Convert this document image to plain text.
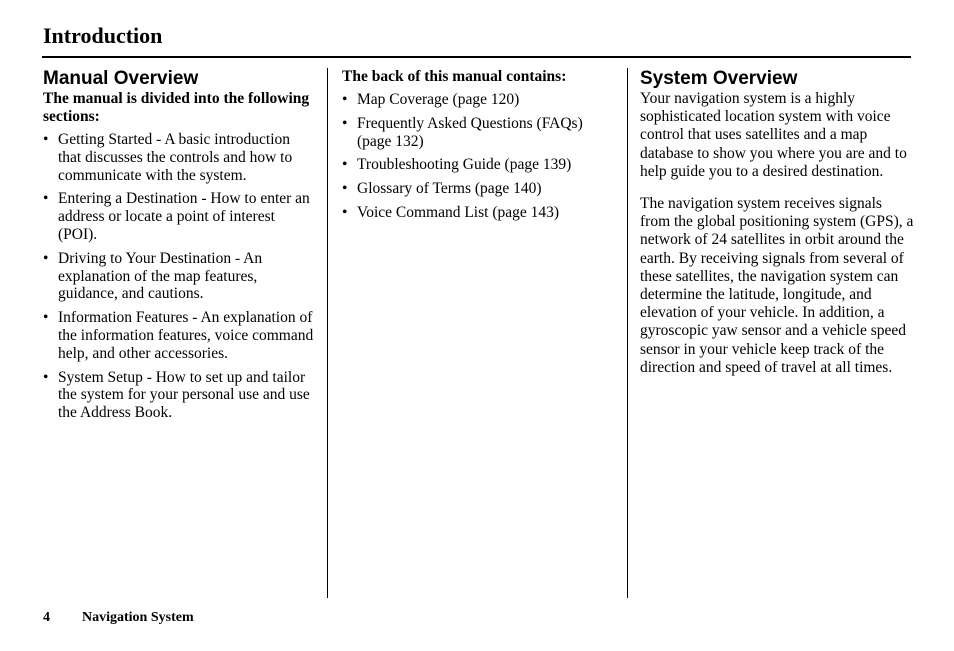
Introduction
Manual Overview

The manual is divided into the following sections:

• Getting Started - A basic introduction that discusses the controls and how to communicate with the system.
• Entering a Destination - How to enter an address or locate a point of interest (POI).
• Driving to Your Destination - An explanation of the map features, guidance, and cautions.
• Information Features - An explanation of the information features, voice command help, and other accessories.
• System Setup - How to set up and tailor the system for your personal use and use the Address Book.

The back of this manual contains:

• Map Coverage (page 120)
• Frequently Asked Questions (FAQs) (page 132)
• Troubleshooting Guide (page 139)
• Glossary of Terms (page 140)
• Voice Command List (page 143)
System Overview

Your navigation system is a highly sophisticated location system with voice control that uses satellites and a map database to show you where you are and to help guide you to a desired destination.

The navigation system receives signals from the global positioning system (GPS), a network of 24 satellites in orbit around the earth. By receiving signals from several of these satellites, the navigation system can determine the latitude, longitude, and elevation of your vehicle. In addition, a gyroscopic yaw sensor and a vehicle speed sensor in your vehicle keep track of the direction and speed of travel at all times.

4 Navigation System
